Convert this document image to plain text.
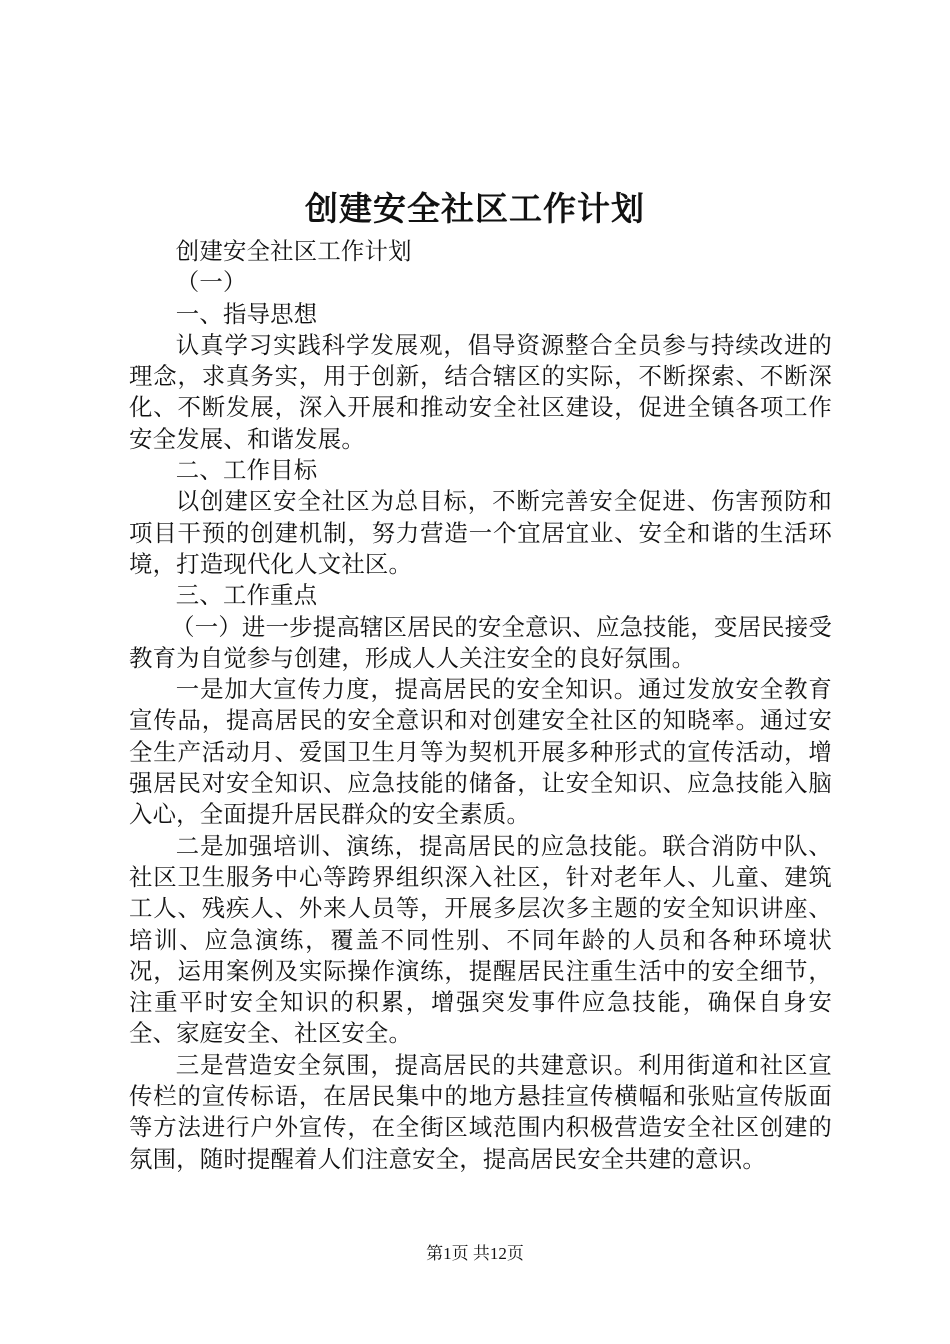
创建安全社区工作计划

创建安全社区工作计划

（一）

一、指导思想

认真学习实践科学发展观，倡导资源整合全员参与持续改进的理念，求真务实，用于创新，结合辖区的实际，不断探索、不断深化、不断发展，深入开展和推动安全社区建设，促进全镇各项工作安全发展、和谐发展。

二、工作目标

以创建区安全社区为总目标，不断完善安全促进、伤害预防和项目干预的创建机制，努力营造一个宜居宜业、安全和谐的生活环境，打造现代化人文社区。

三、工作重点

（一）进一步提高辖区居民的安全意识、应急技能，变居民接受教育为自觉参与创建，形成人人关注安全的良好氛围。

一是加大宣传力度，提高居民的安全知识。通过发放安全教育宣传品，提高居民的安全意识和对创建安全社区的知晓率。通过安全生产活动月、爱国卫生月等为契机开展多种形式的宣传活动，增强居民对安全知识、应急技能的储备，让安全知识、应急技能入脑入心，全面提升居民群众的安全素质。

二是加强培训、演练，提高居民的应急技能。联合消防中队、社区卫生服务中心等跨界组织深入社区，针对老年人、儿童、建筑工人、残疾人、外来人员等，开展多层次多主题的安全知识讲座、培训、应急演练，覆盖不同性别、不同年龄的人员和各种环境状况，运用案例及实际操作演练，提醒居民注重生活中的安全细节，注重平时安全知识的积累，增强突发事件应急技能，确保自身安全、家庭安全、社区安全。

三是营造安全氛围，提高居民的共建意识。利用街道和社区宣传栏的宣传标语，在居民集中的地方悬挂宣传横幅和张贴宣传版面等方法进行户外宣传，在全街区域范围内积极营造安全社区创建的氛围，随时提醒着人们注意安全，提高居民安全共建的意识。

第1页 共12页
